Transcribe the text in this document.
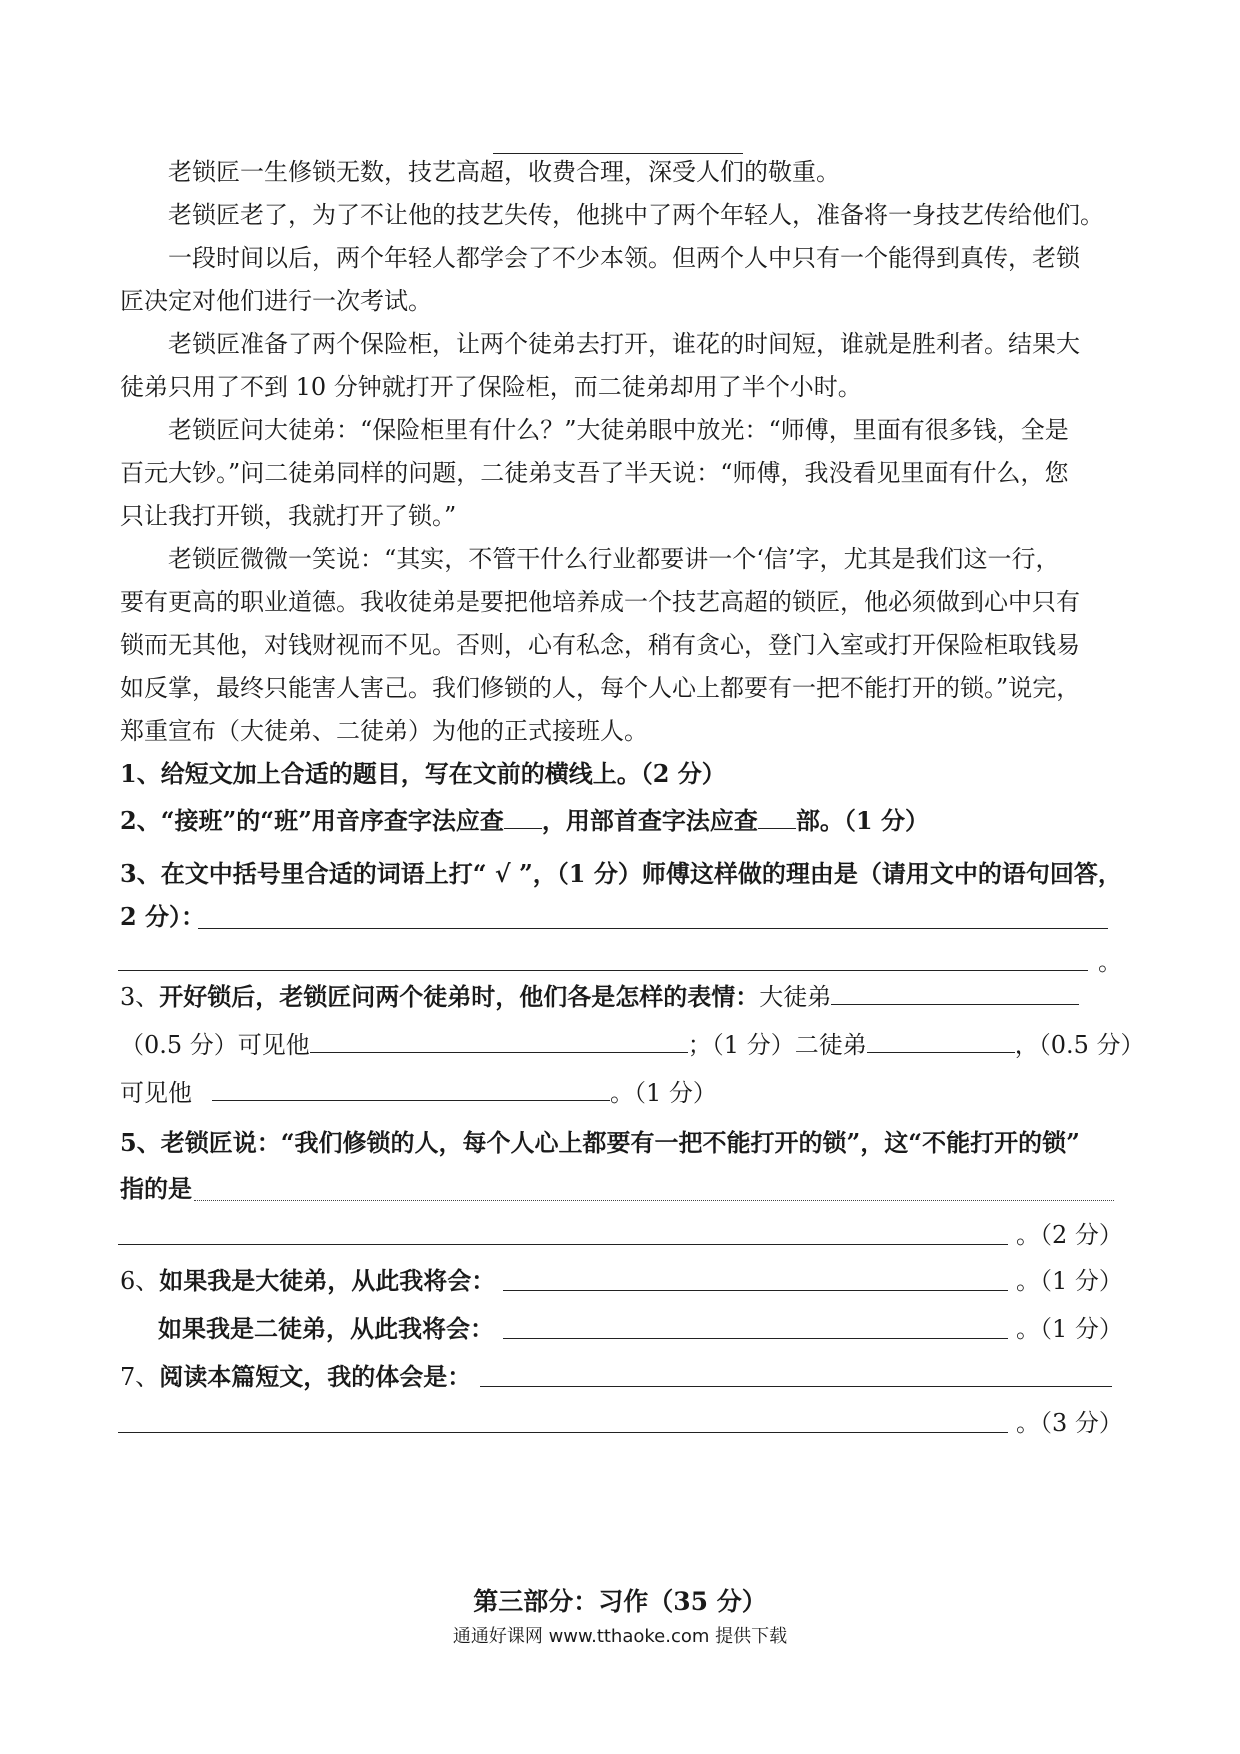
老锁匠一生修锁无数，技艺高超，收费合理，深受人们的敬重。
老锁匠老了，为了不让他的技艺失传，他挑中了两个年轻人，准备将一身技艺传给他们。
一段时间以后，两个年轻人都学会了不少本领。但两个人中只有一个能得到真传，老锁
匠决定对他们进行一次考试。
老锁匠准备了两个保险柜，让两个徒弟去打开，谁花的时间短，谁就是胜利者。结果大
徒弟只用了不到 10 分钟就打开了保险柜，而二徒弟却用了半个小时。
老锁匠问大徒弟：“保险柜里有什么？”大徒弟眼中放光：“师傅，里面有很多钱，全是
百元大钞。”问二徒弟同样的问题，二徒弟支吾了半天说：“师傅，我没看见里面有什么，您
只让我打开锁，我就打开了锁。”
老锁匠微微一笑说：“其实，不管干什么行业都要讲一个‘信’字，尤其是我们这一行，
要有更高的职业道德。我收徒弟是要把他培养成一个技艺高超的锁匠，他必须做到心中只有
锁而无其他，对钱财视而不见。否则，心有私念，稍有贪心，登门入室或打开保险柜取钱易
如反掌，最终只能害人害己。我们修锁的人，每个人心上都要有一把不能打开的锁。”说完，
郑重宣布（大徒弟、二徒弟）为他的正式接班人。
1、给短文加上合适的题目，写在文前的横线上。（2 分）
2、“接班”的“班”用音序查字法应查 ，用部首查字法应查 部。（1 分）
3、在文中括号里合适的词语上打“ √ ”，（1 分）师傅这样做的理由是（请用文中的语句回答，
2 分）：
。
3、开好锁后，老锁匠问两个徒弟时，他们各是怎样的表情：大徒弟
（0.5 分）可见他	；（1 分）二徒弟	，（0.5 分）
可见他	。（1 分）
5、老锁匠说：“我们修锁的人，每个人心上都要有一把不能打开的锁”，这“不能打开的锁”
指的是
。（2 分）
6、如果我是大徒弟，从此我将会：	。（1 分）
如果我是二徒弟，从此我将会：	。（1 分）
7、阅读本篇短文，我的体会是：
。（3 分）
第三部分：习作（35 分）
通通好课网 www.tthaoke.com 提供下载
